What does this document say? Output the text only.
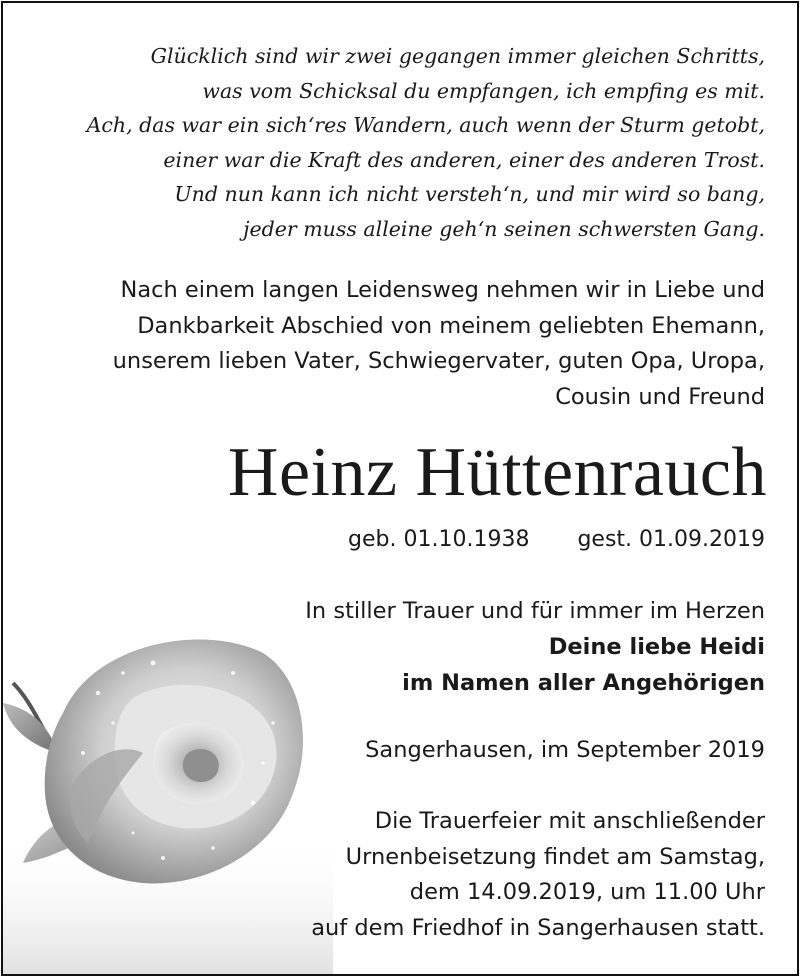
Glücklich sind wir zwei gegangen immer gleichen Schritts,
was vom Schicksal du empfangen, ich empfing es mit.
Ach, das war ein sich‘res Wandern, auch wenn der Sturm getobt,
einer war die Kraft des anderen, einer des anderen Trost.
Und nun kann ich nicht versteh‘n, und mir wird so bang,
jeder muss alleine geh‘n seinen schwersten Gang.
Nach einem langen Leidensweg nehmen wir in Liebe und
Dankbarkeit Abschied von meinem geliebten Ehemann,
unserem lieben Vater, Schwiegervater, guten Opa, Uropa,
Cousin und Freund
Heinz Hüttenrauch
geb. 01.10.1938 gest. 01.09.2019
In stiller Trauer und für immer im Herzen
Deine liebe Heidi
im Namen aller Angehörigen
Sangerhausen, im September 2019
Die Trauerfeier mit anschließender
Urnenbeisetzung findet am Samstag,
dem 14.09.2019, um 11.00 Uhr
auf dem Friedhof in Sangerhausen statt.
